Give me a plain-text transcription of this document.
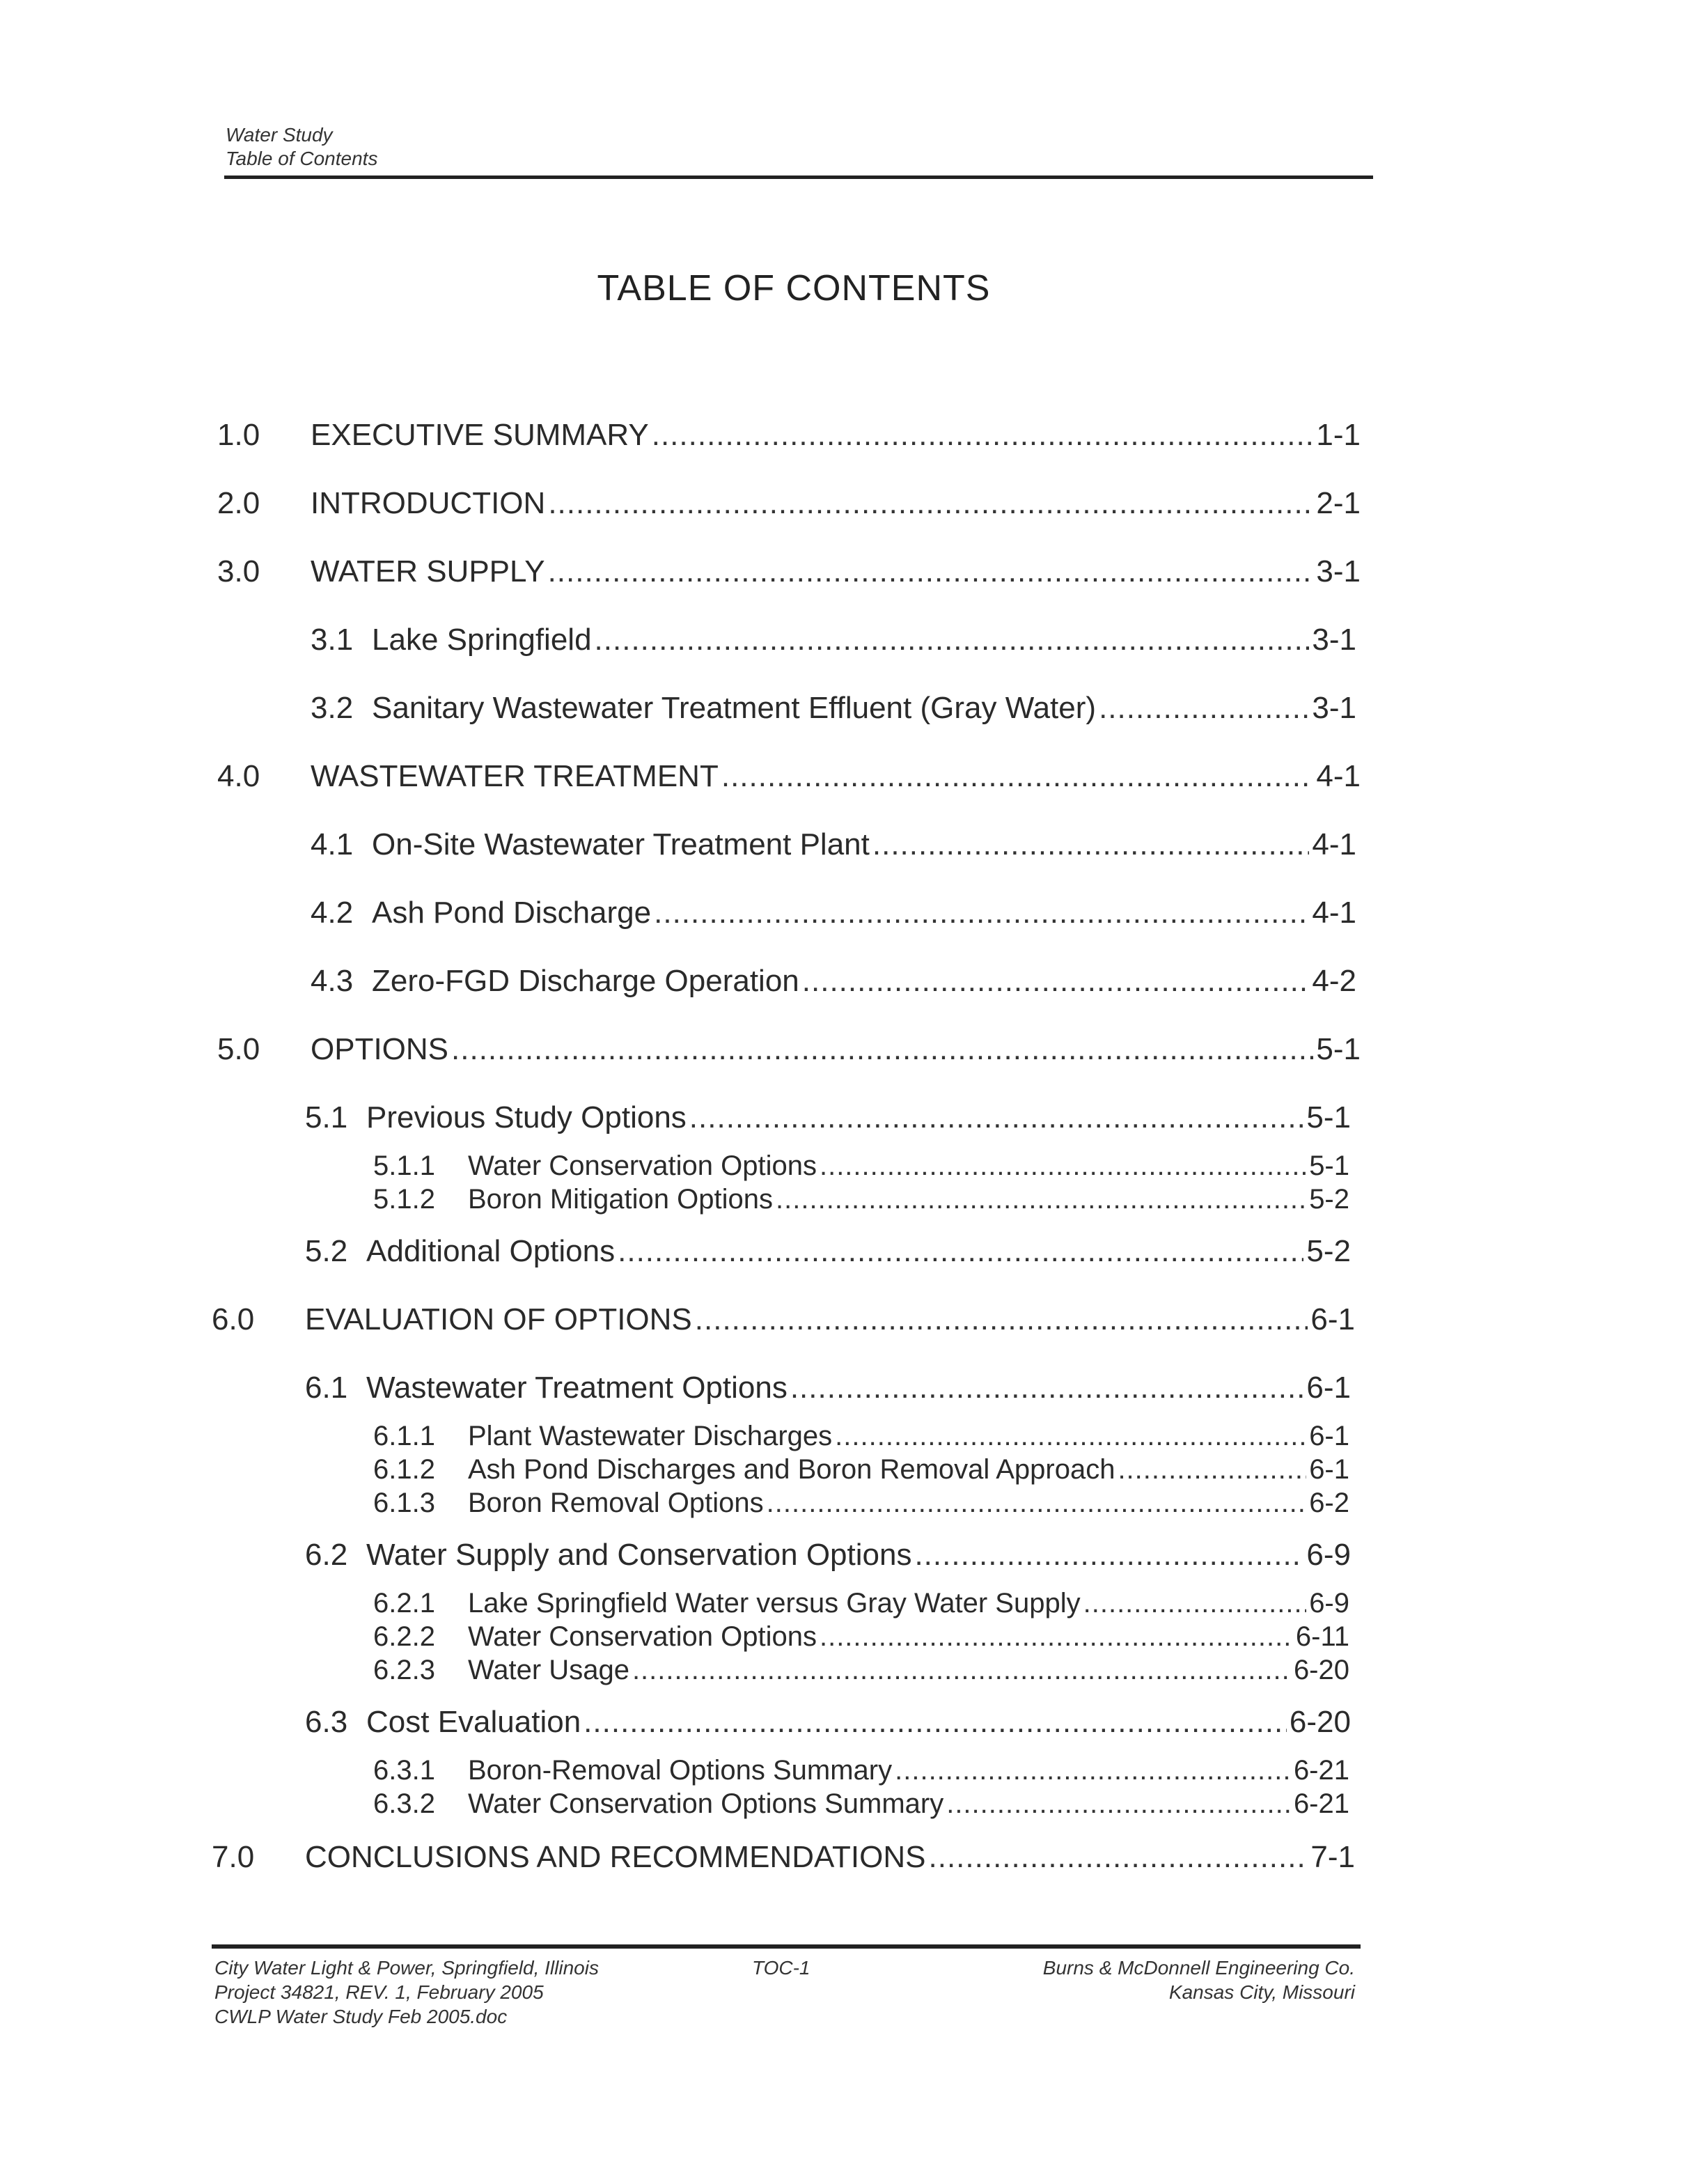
Water Study
Table of Contents
TABLE OF CONTENTS
1.0	EXECUTIVE SUMMARY .....	1-1
2.0	INTRODUCTION .....	2-1
3.0	WATER SUPPLY .....	3-1
3.1 Lake Springfield .....	3-1
3.2 Sanitary Wastewater Treatment Effluent (Gray Water) .....	3-1
4.0	WASTEWATER TREATMENT .....	4-1
4.1 On-Site Wastewater Treatment Plant .....	4-1
4.2 Ash Pond Discharge .....	4-1
4.3 Zero-FGD Discharge Operation .....	4-2
5.0	OPTIONS .....	5-1
5.1 Previous Study Options .....	5-1
5.1.1	Water Conservation Options .....	5-1
5.1.2	Boron Mitigation Options .....	5-2
5.2 Additional Options .....	5-2
6.0	EVALUATION OF OPTIONS .....	6-1
6.1 Wastewater Treatment Options .....	6-1
6.1.1	Plant Wastewater Discharges .....	6-1
6.1.2	Ash Pond Discharges and Boron Removal Approach .....	6-1
6.1.3	Boron Removal Options .....	6-2
6.2 Water Supply and Conservation Options .....	6-9
6.2.1	Lake Springfield Water versus Gray Water Supply .....	6-9
6.2.2	Water Conservation Options .....	6-11
6.2.3	Water Usage .....	6-20
6.3 Cost Evaluation .....	6-20
6.3.1	Boron-Removal Options Summary .....	6-21
6.3.2	Water Conservation Options Summary .....	6-21
7.0	CONCLUSIONS AND RECOMMENDATIONS .....	7-1
City Water Light & Power, Springfield, Illinois
Project 34821, REV. 1, February 2005
CWLP Water Study Feb 2005.doc
TOC-1	Burns & McDonnell Engineering Co.
Kansas City, Missouri
